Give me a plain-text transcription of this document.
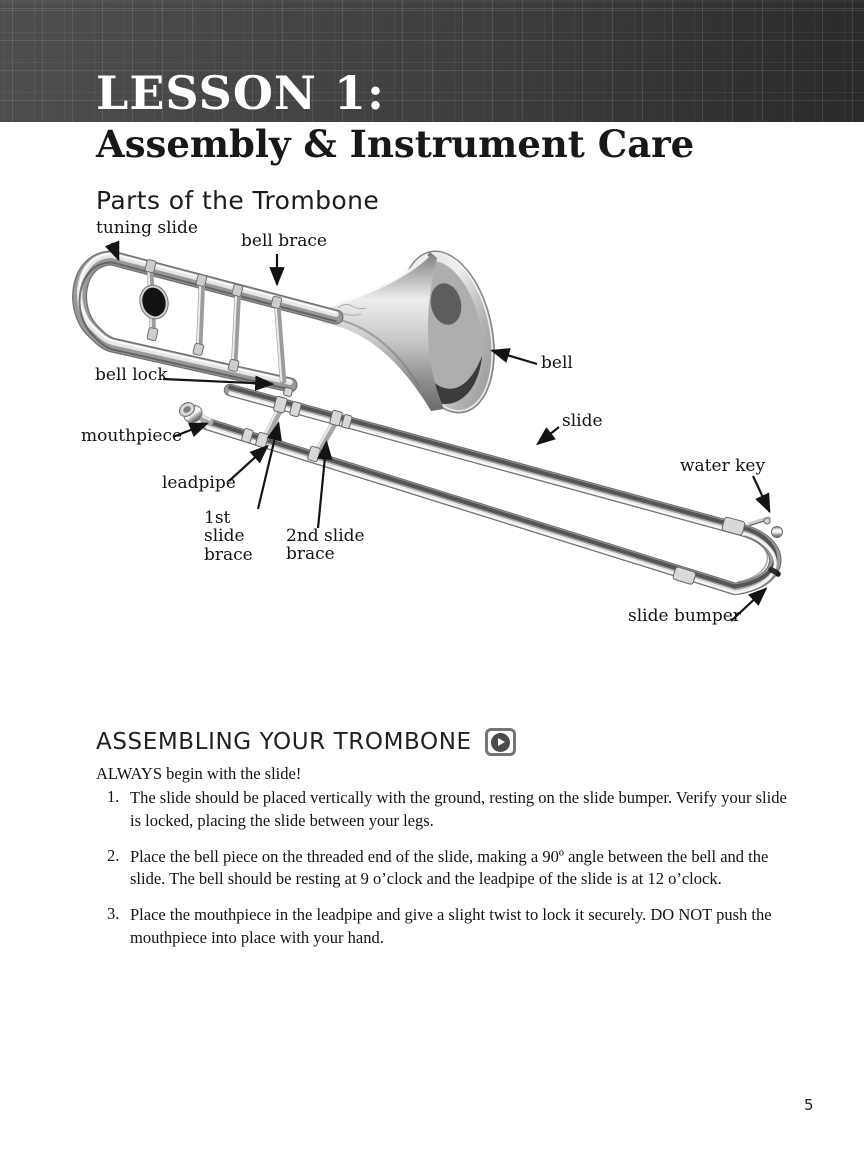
LESSON 1:
Assembly & Instrument Care
Parts of the Trombone
tuning slide
bell brace
bell
bell lock
mouthpiece
slide
leadpipe
1st slide brace
2nd slide brace
water key
slide bumper
ASSEMBLING YOUR TROMBONE
ALWAYS begin with the slide!
1. The slide should be placed vertically with the ground, resting on the slide bumper. Verify your slide is locked, placing the slide between your legs.
2. Place the bell piece on the threaded end of the slide, making a 90º angle between the bell and the slide. The bell should be resting at 9 o’clock and the leadpipe of the slide is at 12 o’clock.
3. Place the mouthpiece in the leadpipe and give a slight twist to lock it securely. DO NOT push the mouthpiece into place with your hand.
5
